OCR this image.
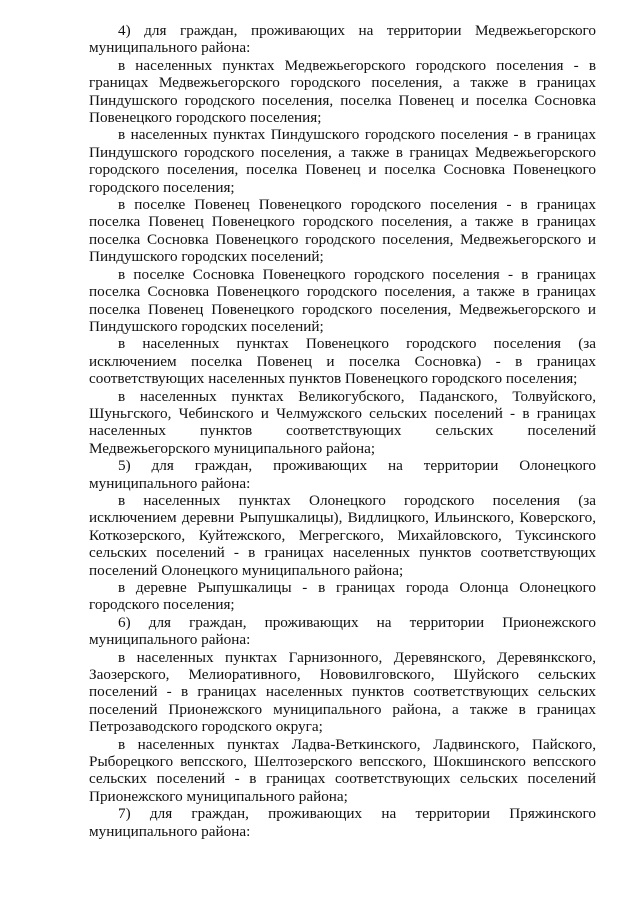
4) для граждан, проживающих на территории Медвежьегорского муниципального района:

в населенных пунктах Медвежьегорского городского поселения - в границах Медвежьегорского городского поселения, а также в границах Пиндушского городского поселения, поселка Повенец и поселка Сосновка Повенецкого городского поселения;

в населенных пунктах Пиндушского городского поселения - в границах Пиндушского городского поселения, а также в границах Медвежьегорского городского поселения, поселка Повенец и поселка Сосновка Повенецкого городского поселения;

в поселке Повенец Повенецкого городского поселения - в границах поселка Повенец Повенецкого городского поселения, а также в границах поселка Сосновка Повенецкого городского поселения, Медвежьегорского и Пиндушского городских поселений;

в поселке Сосновка Повенецкого городского поселения - в границах поселка Сосновка Повенецкого городского поселения, а также в границах поселка Повенец Повенецкого городского поселения, Медвежьегорского и Пиндушского городских поселений;

в населенных пунктах Повенецкого городского поселения (за исключением поселка Повенец и поселка Сосновка) - в границах соответствующих населенных пунктов Повенецкого городского поселения;

в населенных пунктах Великогубского, Паданского, Толвуйского, Шуньгского, Чебинского и Челмужского сельских поселений - в границах населенных пунктов соответствующих сельских поселений Медвежьегорского муниципального района;

5) для граждан, проживающих на территории Олонецкого муниципального района:

в населенных пунктах Олонецкого городского поселения (за исключением деревни Рыпушкалицы), Видлицкого, Ильинского, Коверского, Коткозерского, Куйтежского, Мегрегского, Михайловского, Туксинского сельских поселений - в границах населенных пунктов соответствующих поселений Олонецкого муниципального района;

в деревне Рыпушкалицы - в границах города Олонца Олонецкого городского поселения;

6) для граждан, проживающих на территории Прионежского муниципального района:

в населенных пунктах Гарнизонного, Деревянского, Деревянкского, Заозерского, Мелиоративного, Нововилговского, Шуйского сельских поселений - в границах населенных пунктов соответствующих сельских поселений Прионежского муниципального района, а также в границах Петрозаводского городского округа;

в населенных пунктах Ладва-Веткинского, Ладвинского, Пайского, Рыборецкого вепсского, Шелтозерского вепсского, Шокшинского вепсского сельских поселений - в границах соответствующих сельских поселений Прионежского муниципального района;

7) для граждан, проживающих на территории Пряжинского муниципального района:
